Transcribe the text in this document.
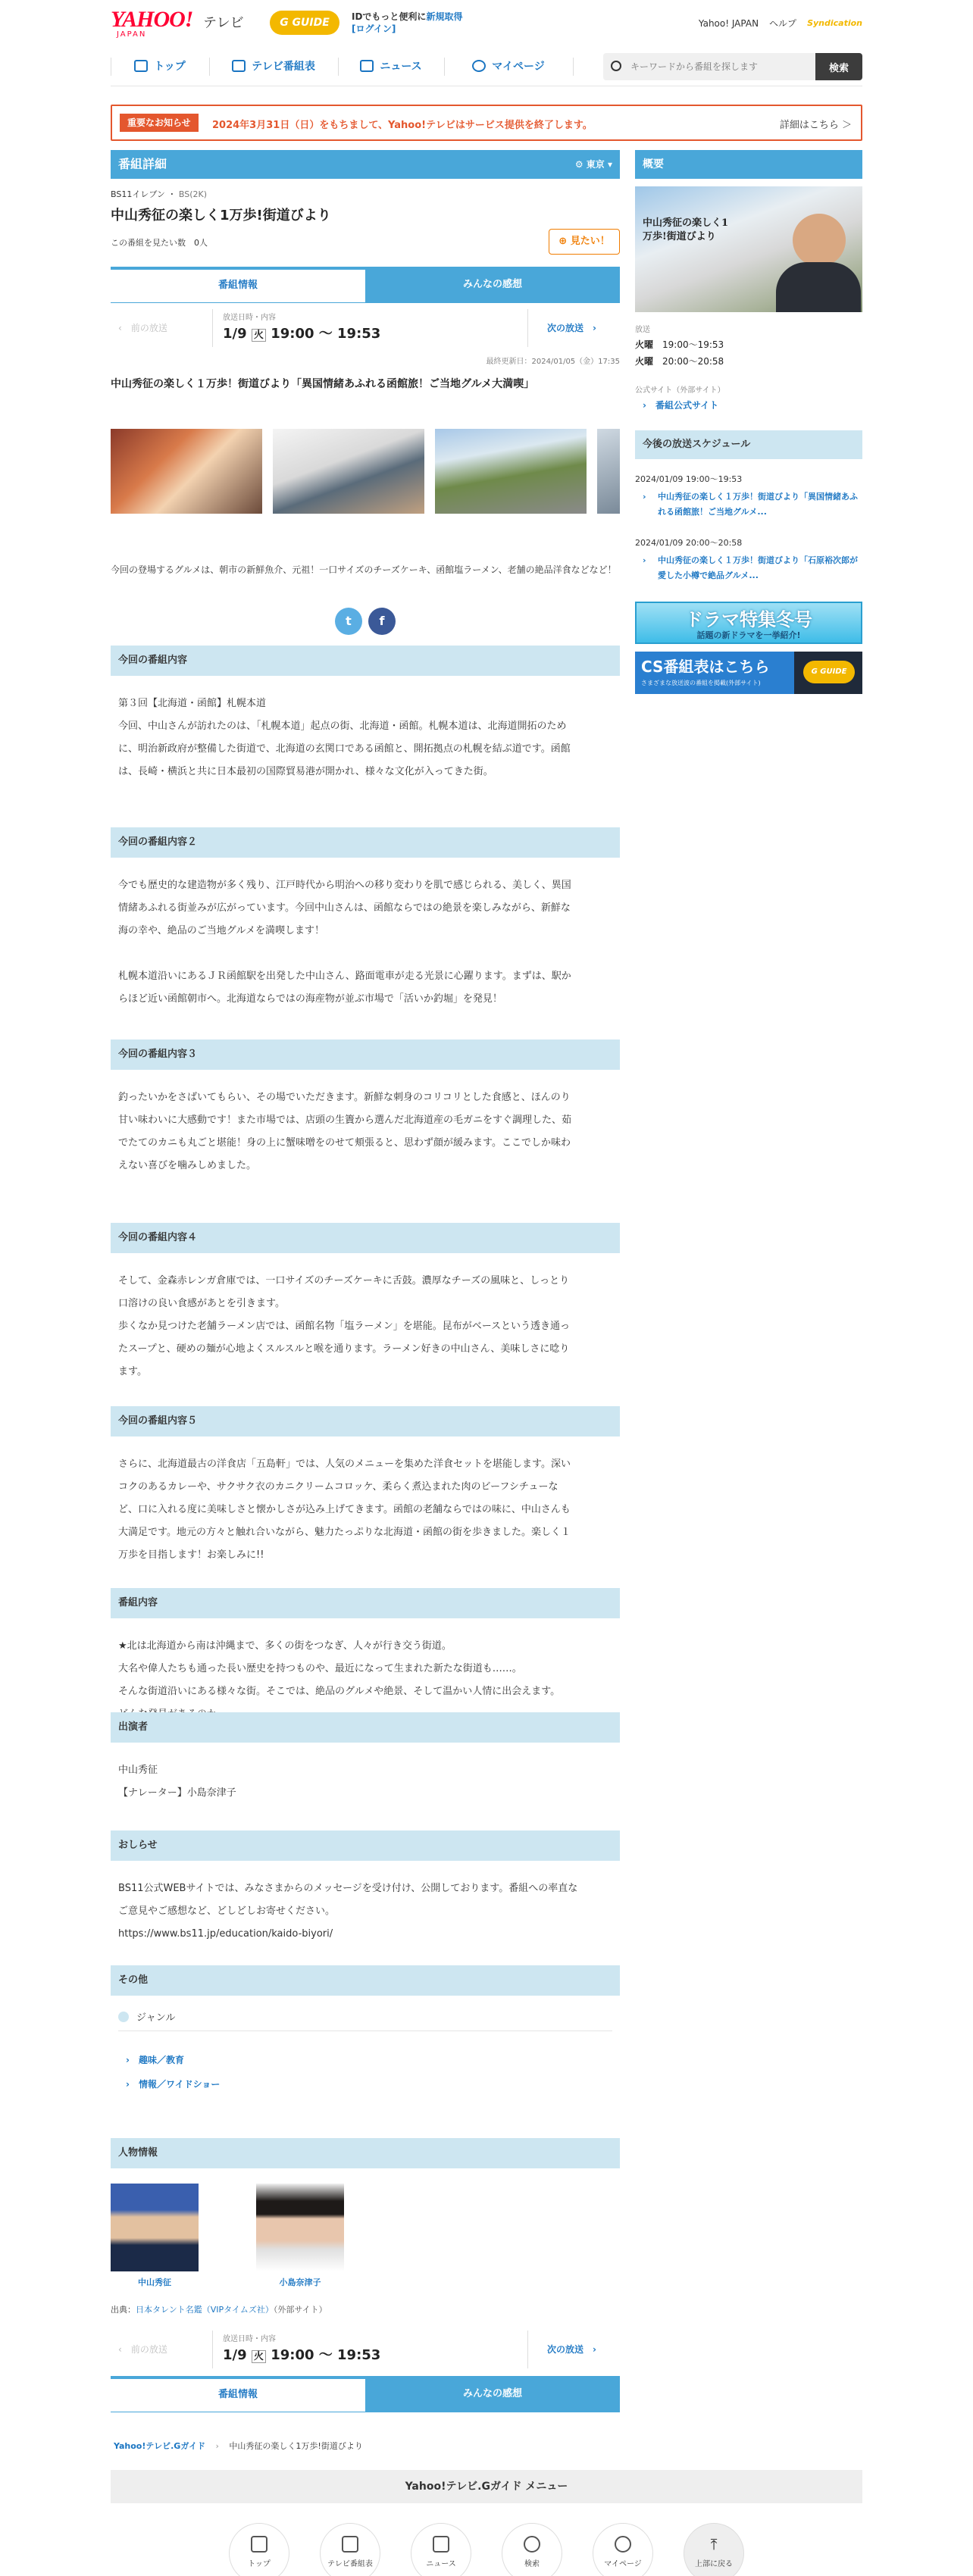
YAHOO!
JAPAN
テレビ	G GUIDE	IDでもっと便利に新規取得
[ログイン]
Yahoo! JAPAN ヘルプ Syndication
トップ	テレビ番組表	ニュース	マイページ
キーワードから番組を探します	検索
重要なお知らせ	2024年3月31日（日）をもちまして、Yahoo!テレビはサービス提供を終了します。	詳細はこちら ＞
番組詳細	⚙ 東京 ▾
BS11イレブン ・ BS(2K)
中山秀征の楽しく1万歩!街道びより
この番組を見たい数　0人	⊕ 見たい！
番組情報	みんなの感想
‹　前の放送
放送日時・内容
1/9 火 19:00 〜 19:53	次の放送　›
最終更新日：2024/01/05（金）17:35
中山秀征の楽しく１万歩！街道びより「異国情緒あふれる函館旅！ご当地グルメ大満喫」
今回の登場するグルメは、朝市の新鮮魚介、元祖！一口サイズのチーズケーキ、函館塩ラーメン、老舗の絶品洋食などなど！
t	f
今回の番組内容
第３回【北海道・函館】札幌本道
今回、中山さんが訪れたのは、「札幌本道」起点の街、北海道・函館。札幌本道は、北海道開拓のため
に、明治新政府が整備した街道で、北海道の玄関口である函館と、開拓拠点の札幌を結ぶ道です。函館
は、長崎・横浜と共に日本最初の国際貿易港が開かれ、様々な文化が入ってきた街。
今回の番組内容２
今でも歴史的な建造物が多く残り、江戸時代から明治への移り変わりを肌で感じられる、美しく、異国
情緒あふれる街並みが広がっています。今回中山さんは、函館ならではの絶景を楽しみながら、新鮮な
海の幸や、絶品のご当地グルメを満喫します！
札幌本道沿いにあるＪＲ函館駅を出発した中山さん、路面電車が走る光景に心躍ります。まずは、駅か
らほど近い函館朝市へ。北海道ならではの海産物が並ぶ市場で「活いか釣堀」を発見！
今回の番組内容３
釣ったいかをさばいてもらい、その場でいただきます。新鮮な刺身のコリコリとした食感と、ほんのり
甘い味わいに大感動です！また市場では、店頭の生簀から選んだ北海道産の毛ガニをすぐ調理した、茹
でたてのカニも丸ごと堪能！身の上に蟹味噌をのせて頬張ると、思わず顔が緩みます。ここでしか味わ
えない喜びを噛みしめました。
今回の番組内容４
そして、金森赤レンガ倉庫では、一口サイズのチーズケーキに舌鼓。濃厚なチーズの風味と、しっとり
口溶けの良い食感があとを引きます。
歩くなか見つけた老舗ラーメン店では、函館名物「塩ラーメン」を堪能。昆布がベースという透き通っ
たスープと、硬めの麺が心地よくスルスルと喉を通ります。ラーメン好きの中山さん、美味しさに唸り
ます。
今回の番組内容５
さらに、北海道最古の洋食店「五島軒」では、人気のメニューを集めた洋食セットを堪能します。深い
コクのあるカレーや、サクサク衣のカニクリームコロッケ、柔らく煮込まれた肉のビーフシチューな
ど、口に入れる度に美味しさと懐かしさが込み上げてきます。函館の老舗ならではの味に、中山さんも
大満足です。地元の方々と触れ合いながら、魅力たっぷりな北海道・函館の街を歩きました。楽しく１
万歩を目指します！お楽しみに!!
番組内容
★北は北海道から南は沖縄まで、多くの街をつなぎ、人々が行き交う街道。
大名や偉人たちも通った長い歴史を持つものや、最近になって生まれた新たな街道も……。
そんな街道沿いにある様々な街。そこでは、絶品のグルメや絶景、そして温かい人情に出会えます。
出演者
中山秀征
【ナレーター】小島奈津子
おしらせ
BS11公式WEBサイトでは、みなさまからのメッセージを受け付け、公開しております。番組への率直な
ご意見やご感想など、どしどしお寄せください。
https://www.bs11.jp/education/kaido-biyori/
その他
ジャンル
›　趣味／教育
›　情報／ワイドショー
人物情報
中山秀征	小島奈津子
出典：日本タレント名鑑（VIPタイムズ社）（外部サイト）
‹　前の放送
放送日時・内容
1/9 火 19:00 〜 19:53	次の放送　›
番組情報	みんなの感想
Yahoo!テレビ.Gガイド › 中山秀征の楽しく1万歩!街道びより
Yahoo!テレビ.Gガイド メニュー
トップ	テレビ番組表	ニュース	検索	マイページ
⤒
上部に戻る
概要
中山秀征の楽しく1万歩!街道びより
放送
火曜　 19:00〜19:53
火曜　 20:00〜20:58
公式サイト（外部サイト）
›　番組公式サイト
今後の放送スケジュール
2024/01/09 19:00〜19:53
›	中山秀征の楽しく１万歩！街道びより「異国情緒あふれる函館旅！ご当地グルメ...
2024/01/09 20:00〜20:58
›	中山秀征の楽しく１万歩！街道びより「石原裕次郎が愛した小樽で絶品グルメ...
ドラマ特集冬号
話題の新ドラマを一挙紹介!
CS番組表はこちら
さまざまな放送波の番組を掲載(外部サイト)
G GUIDE
